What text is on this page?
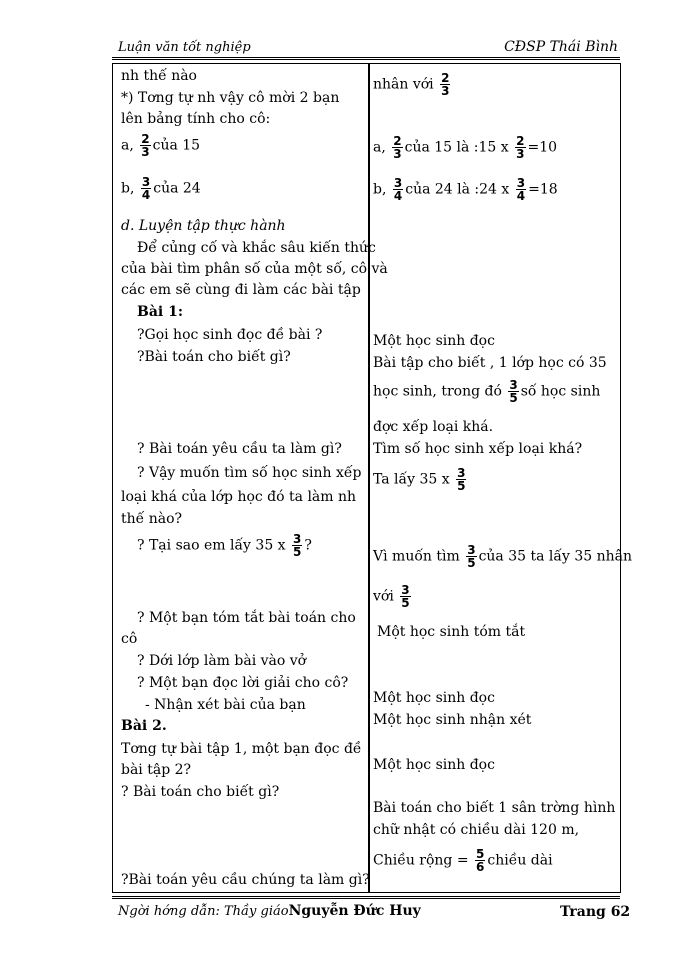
Luận văn tốt nghiệp	CĐSP Thái Bình
nh thế nào
*) Tơng tự nh vậy cô mời 2 bạn
lên bảng tính cho cô:
a, $\frac{2}{3}$ của 15
b, $\frac{3}{4}$ của 24
d. Luyện tập thực hành
Để củng cố và khắc sâu kiến thức
của bài tìm phân số của một số, cô và
các em sẽ cùng đi làm các bài tập
Bài 1:
?Gọi học sinh đọc đề bài ?
?Bài toán cho biết gì?
? Bài toán yêu cầu ta làm gì?
? Vậy muốn tìm số học sinh xếp
loại khá của lớp học đó ta làm nh
thế nào?
? Tại sao em lấy 35 x $\frac{3}{5}$ ?
? Một bạn tóm tắt bài toán cho
cô
? Dới lớp làm bài vào vở
? Một bạn đọc lời giải cho cô?
- Nhận xét bài của bạn
Bài 2.
Tơng tự bài tập 1, một bạn đọc đề
bài tập 2?
? Bài toán cho biết gì?
?Bài toán yêu cầu chúng ta làm gì?
nhân với $\frac{2}{3}$
a, $\frac{2}{3}$ của 15 là :15 x $\frac{2}{3} =10$
b, $\frac{3}{4}$ của 24 là :24 x $\frac{3}{4} =18$
Một học sinh đọc
Bài tập cho biết , 1 lớp học có 35
học sinh, trong đó $\frac{3}{5}$ số học sinh
đợc xếp loại khá.
Tìm số học sinh xếp loại khá?
Ta lấy 35 x $\frac{3}{5}$
Vì muốn tìm $\frac{3}{5}$ của 35 ta lấy 35 nhân
với $\frac{3}{5}$
Một học sinh tóm tắt
Một học sinh đọc
Một học sinh nhận xét
Một học sinh đọc
Bài toán cho biết 1 sân trờng hình
chữ nhật có chiều dài 120 m,
Chiều rộng = $\frac{5}{6}$ chiều dài
Ngời hớng dẫn: Thầy giáoNguyễn Đức Huy	Trang 62
